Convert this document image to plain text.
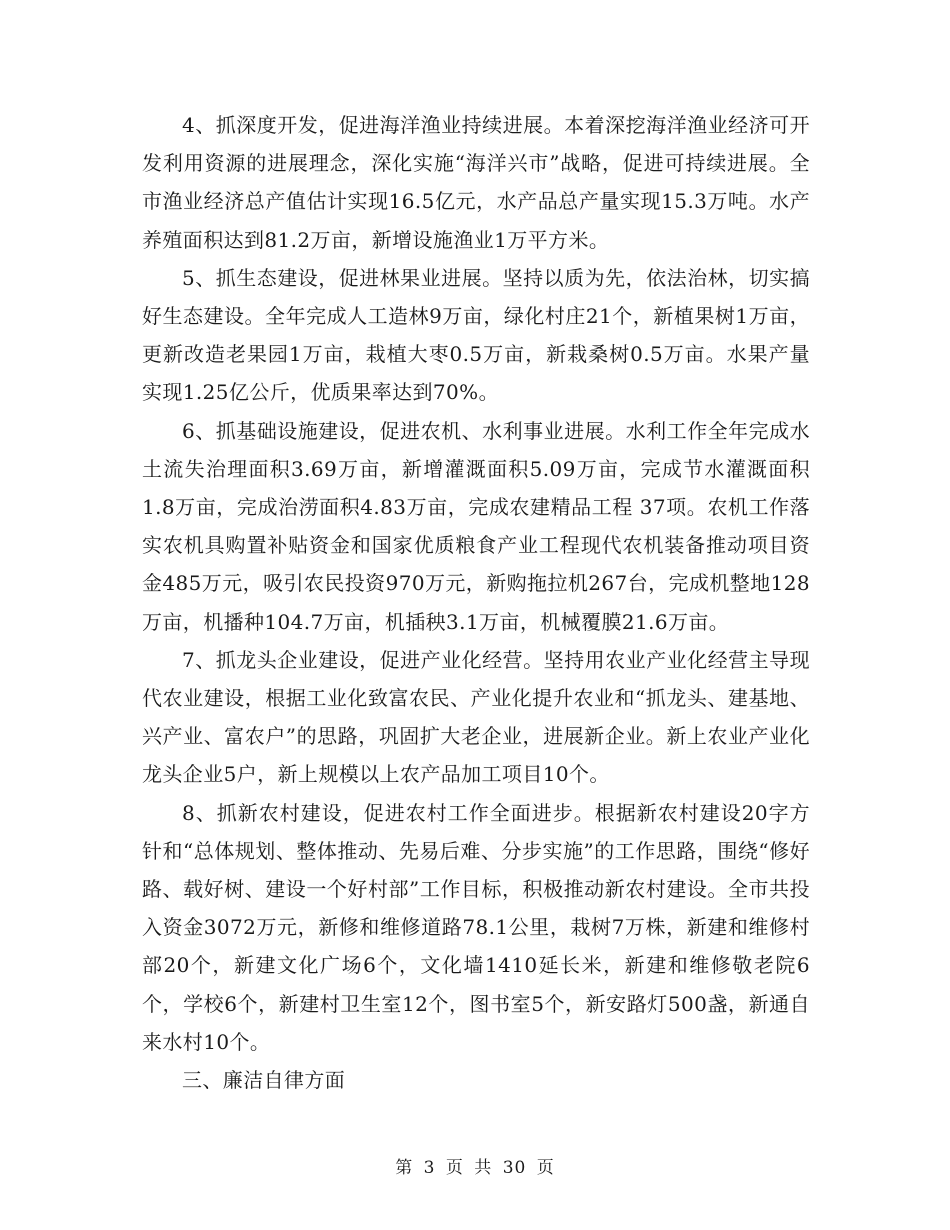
4、抓深度开发，促进海洋渔业持续进展。本着深挖海洋渔业经济可开发利用资源的进展理念，深化实施“海洋兴市”战略，促进可持续进展。全市渔业经济总产值估计实现16.5亿元，水产品总产量实现15.3万吨。水产养殖面积达到81.2万亩，新增设施渔业1万平方米。

5、抓生态建设，促进林果业进展。坚持以质为先，依法治林，切实搞好生态建设。全年完成人工造林9万亩，绿化村庄21个，新植果树1万亩，更新改造老果园1万亩，栽植大枣0.5万亩，新栽桑树0.5万亩。水果产量实现1.25亿公斤，优质果率达到70%。

6、抓基础设施建设，促进农机、水利事业进展。水利工作全年完成水土流失治理面积3.69万亩，新增灌溉面积5.09万亩，完成节水灌溉面积1.8万亩，完成治涝面积4.83万亩，完成农建精品工程 37项。农机工作落实农机具购置补贴资金和国家优质粮食产业工程现代农机装备推动项目资金485万元，吸引农民投资970万元，新购拖拉机267台，完成机整地128万亩，机播种104.7万亩，机插秧3.1万亩，机械覆膜21.6万亩。

7、抓龙头企业建设，促进产业化经营。坚持用农业产业化经营主导现代农业建设，根据工业化致富农民、产业化提升农业和“抓龙头、建基地、兴产业、富农户”的思路，巩固扩大老企业，进展新企业。新上农业产业化龙头企业5户，新上规模以上农产品加工项目10个。

8、抓新农村建设，促进农村工作全面进步。根据新农村建设20字方针和“总体规划、整体推动、先易后难、分步实施”的工作思路，围绕“修好路、载好树、建设一个好村部”工作目标，积极推动新农村建设。全市共投入资金3072万元，新修和维修道路78.1公里，栽树7万株，新建和维修村部20个，新建文化广场6个，文化墙1410延长米，新建和维修敬老院6个，学校6个，新建村卫生室12个，图书室5个，新安路灯500盏，新通自来水村10个。

三、廉洁自律方面

第 3 页 共 30 页
